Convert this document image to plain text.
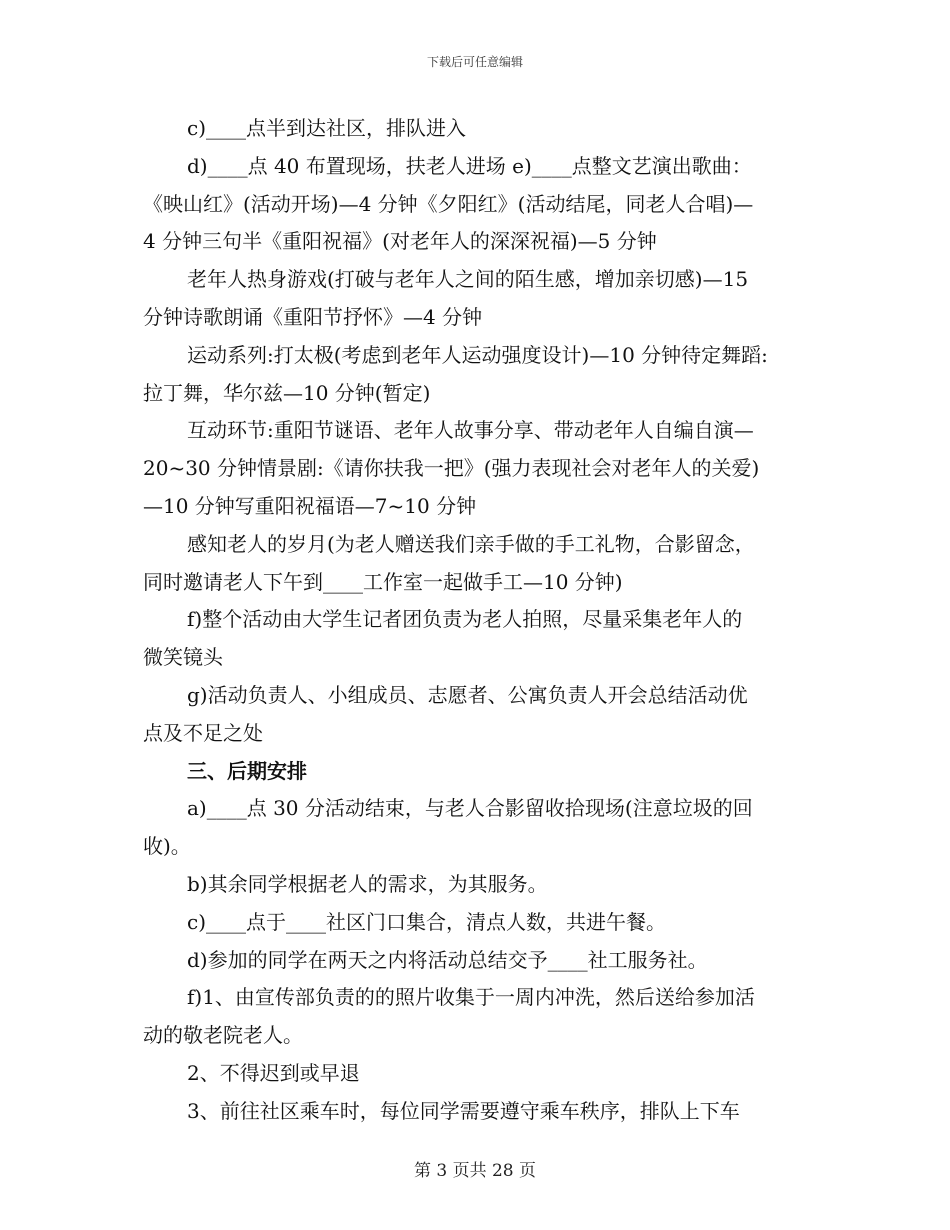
下载后可任意编辑

c)____点半到达社区，排队进入

d)____点 40 布置现场，扶老人进场 e)____点整文艺演出歌曲：

《映山红》(活动开场)—4 分钟《夕阳红》(活动结尾，同老人合唱)—

4 分钟三句半《重阳祝福》(对老年人的深深祝福)—5 分钟

老年人热身游戏(打破与老年人之间的陌生感，增加亲切感)—15

分钟诗歌朗诵《重阳节抒怀》—4 分钟

运动系列:打太极(考虑到老年人运动强度设计)—10 分钟待定舞蹈:

拉丁舞，华尔兹—10 分钟(暂定)

互动环节:重阳节谜语、老年人故事分享、带动老年人自编自演—

20~30 分钟情景剧:《请你扶我一把》(强力表现社会对老年人的关爱)

—10 分钟写重阳祝福语—7~10 分钟

感知老人的岁月(为老人赠送我们亲手做的手工礼物，合影留念，

同时邀请老人下午到____工作室一起做手工—10 分钟)

f)整个活动由大学生记者团负责为老人拍照，尽量采集老年人的

微笑镜头

g)活动负责人、小组成员、志愿者、公寓负责人开会总结活动优

点及不足之处

三、后期安排

a)____点 30 分活动结束，与老人合影留收拾现场(注意垃圾的回

收)。

b)其余同学根据老人的需求，为其服务。

c)____点于____社区门口集合，清点人数，共进午餐。

d)参加的同学在两天之内将活动总结交予____社工服务社。

f)1、由宣传部负责的的照片收集于一周内冲洗，然后送给参加活

动的敬老院老人。

2、不得迟到或早退

3、前往社区乘车时，每位同学需要遵守乘车秩序，排队上下车

第 3 页共 28 页
